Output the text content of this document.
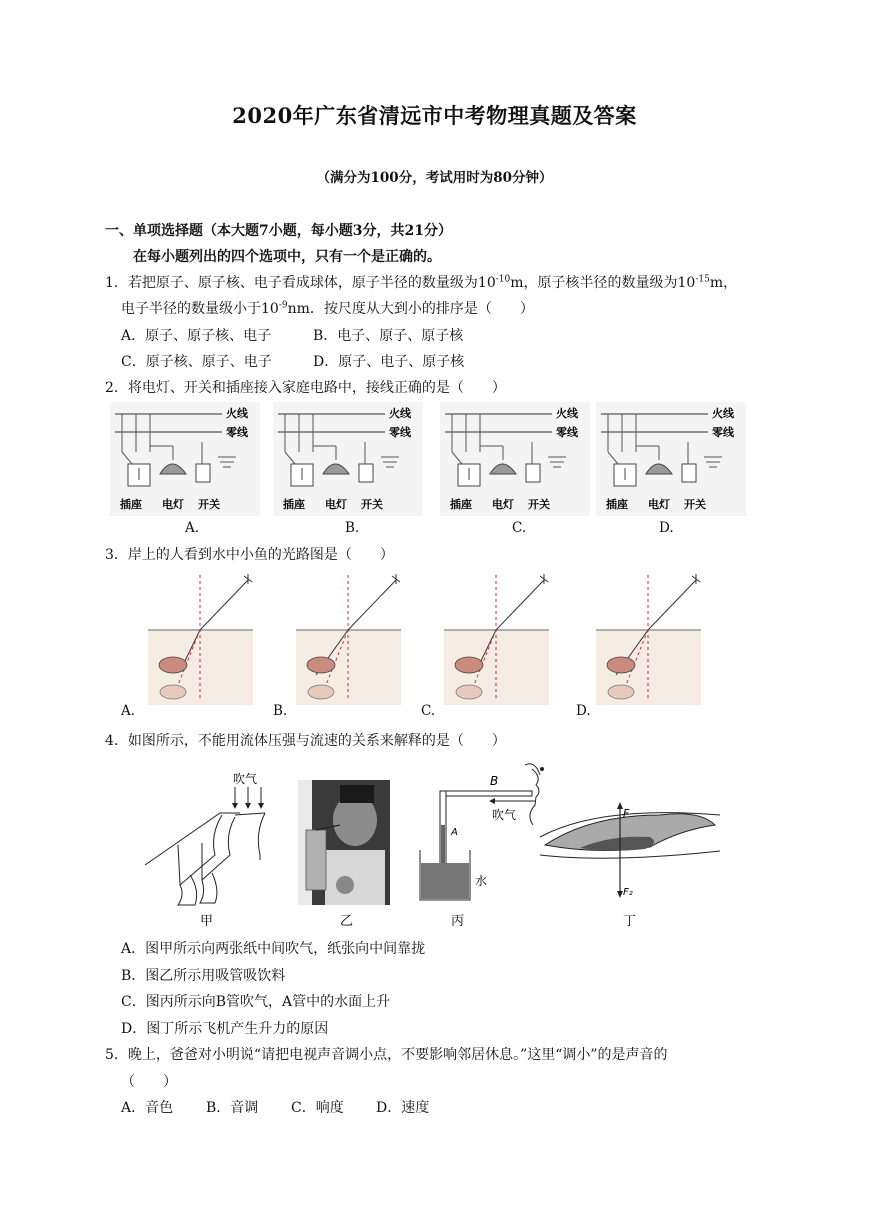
2020年广东省清远市中考物理真题及答案
（满分为100分，考试用时为80分钟）
一、单项选择题（本大题7小题，每小题3分，共21分）
在每小题列出的四个选项中，只有一个是正确的。
1．若把原子、原子核、电子看成球体，原子半径的数量级为$10^{-10}m$，原子核半径的数量级为$10^{-15}m$，
电子半径的数量级小于$10^{-9}nm$．按尺度从大到小的排序是（　　）
A．原子、原子核、电子	B．电子、原子、原子核
C．原子核、原子、电子	D．原子、电子、原子核
2．将电灯、开关和插座接入家庭电路中，接线正确的是（　　）
火线
零线
插座 电灯 开关
火线
零线
插座 电灯 开关
火线
零线
插座 电灯 开关
火线
零线
插座 电灯 开关
A.	B.	C.	D.
3．岸上的人看到水中小鱼的光路图是（　　）
A.	B.	C.	D.
4．如图所示，不能用流体压强与流速的关系来解释的是（　　）
吹气
甲	乙
B
A
水
吹气
丙
F
F₂
丁
A．图甲所示向两张纸中间吹气，纸张向中间靠拢
B．图乙所示用吸管吸饮料
C．图丙所示向B管吹气，A管中的水面上升
D．图丁所示飞机产生升力的原因
5．晚上，爸爸对小明说“请把电视声音调小点，不要影响邻居休息。”这里“调小”的是声音的
（　　）
A．音色 B．音调 C．响度 D．速度
